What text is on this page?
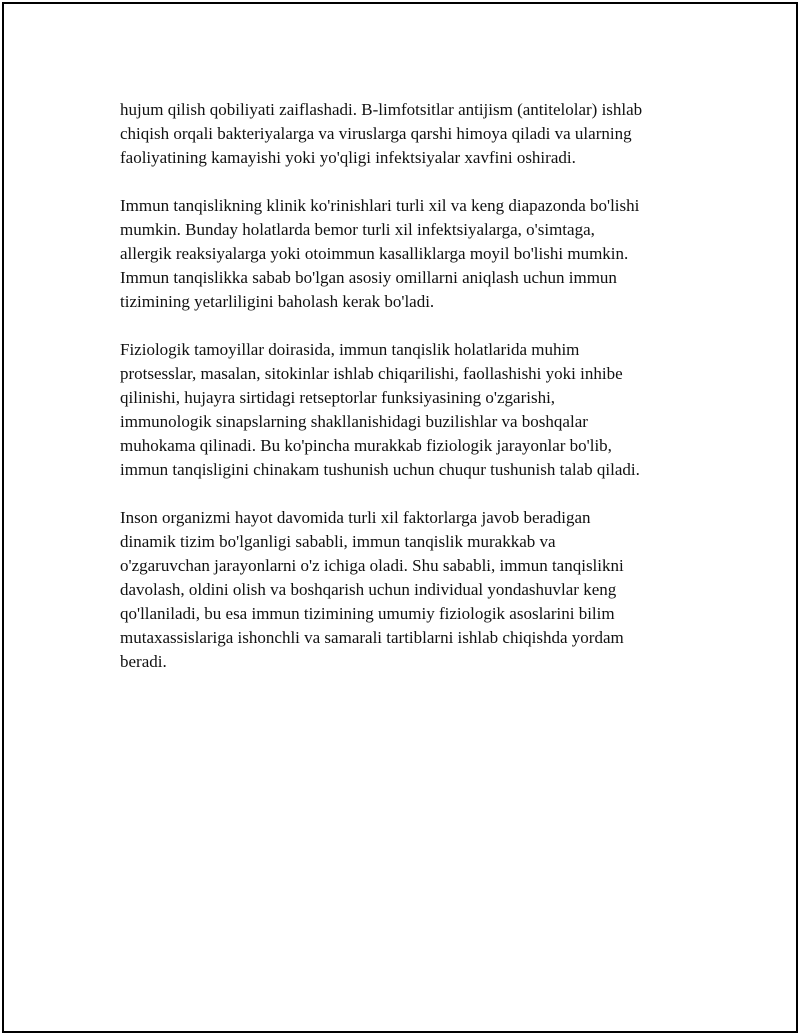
hujum qilish qobiliyati zaiflashadi. B-limfotsitlar antijism (antitelolar) ishlab
chiqish orqali bakteriyalarga va viruslarga qarshi himoya qiladi va ularning
faoliyatining kamayishi yoki yo'qligi infektsiyalar xavfini oshiradi.

Immun tanqislikning klinik ko'rinishlari turli xil va keng diapazonda bo'lishi
mumkin. Bunday holatlarda bemor turli xil infektsiyalarga, o'simtaga,
allergik reaksiyalarga yoki otoimmun kasalliklarga moyil bo'lishi mumkin.
Immun tanqislikka sabab bo'lgan asosiy omillarni aniqlash uchun immun
tizimining yetarliligini baholash kerak bo'ladi.

Fiziologik tamoyillar doirasida, immun tanqislik holatlarida muhim
protsesslar, masalan, sitokinlar ishlab chiqarilishi, faollashishi yoki inhibe
qilinishi, hujayra sirtidagi retseptorlar funksiyasining o'zgarishi,
immunologik sinapslarning shakllanishidagi buzilishlar va boshqalar
muhokama qilinadi. Bu ko'pincha murakkab fiziologik jarayonlar bo'lib,
immun tanqisligini chinakam tushunish uchun chuqur tushunish talab qiladi.

Inson organizmi hayot davomida turli xil faktorlarga javob beradigan
dinamik tizim bo'lganligi sababli, immun tanqislik murakkab va
o'zgaruvchan jarayonlarni o'z ichiga oladi. Shu sababli, immun tanqislikni
davolash, oldini olish va boshqarish uchun individual yondashuvlar keng
qo'llaniladi, bu esa immun tizimining umumiy fiziologik asoslarini bilim
mutaxassislariga ishonchli va samarali tartiblarni ishlab chiqishda yordam
beradi.
